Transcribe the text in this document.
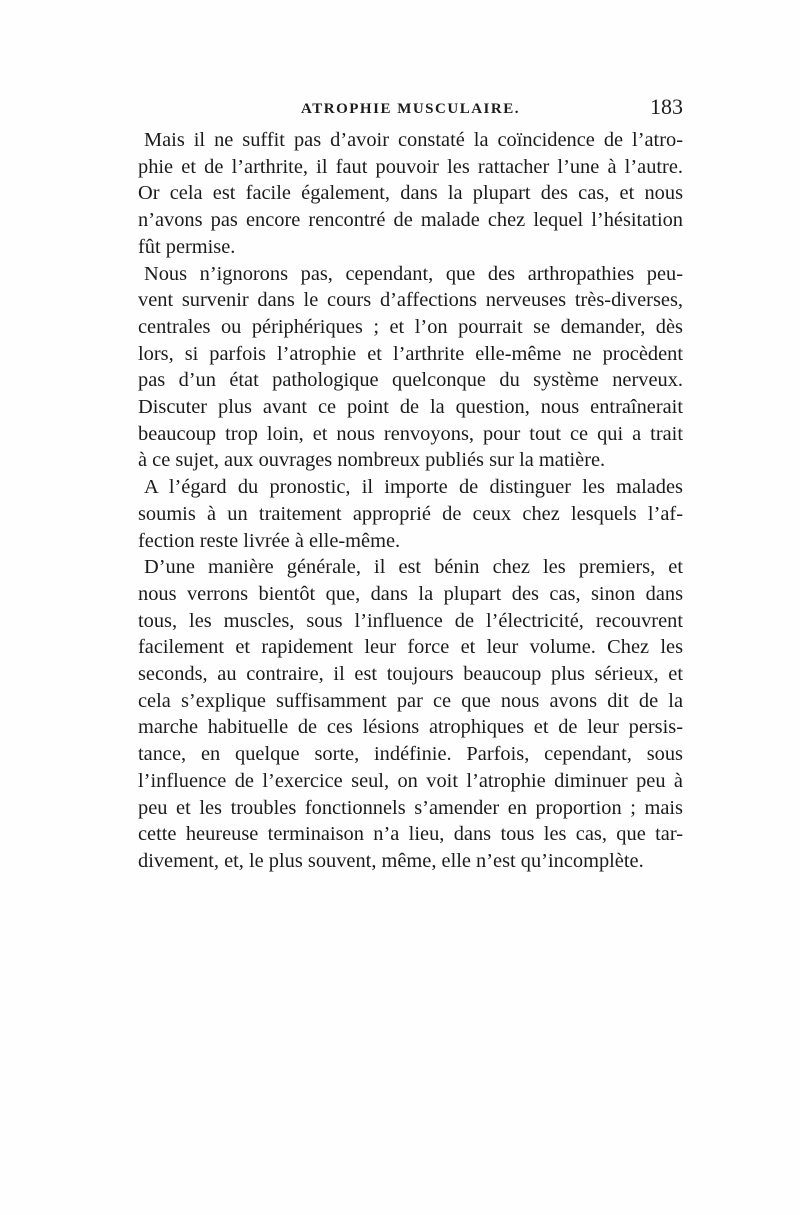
ATROPHIE MUSCULAIRE.	183

Mais il ne suffit pas d’avoir constaté la coïncidence de l’atro-
phie et de l’arthrite, il faut pouvoir les rattacher l’une à l’autre.
Or cela est facile également, dans la plupart des cas, et nous
n’avons pas encore rencontré de malade chez lequel l’hésitation
fût permise.

Nous n’ignorons pas, cependant, que des arthropathies peu-
vent survenir dans le cours d’affections nerveuses très-diverses,
centrales ou périphériques ; et l’on pourrait se demander, dès
lors, si parfois l’atrophie et l’arthrite elle-même ne procèdent
pas d’un état pathologique quelconque du système nerveux.
Discuter plus avant ce point de la question, nous entraînerait
beaucoup trop loin, et nous renvoyons, pour tout ce qui a trait
à ce sujet, aux ouvrages nombreux publiés sur la matière.

A l’égard du pronostic, il importe de distinguer les malades
soumis à un traitement approprié de ceux chez lesquels l’af-
fection reste livrée à elle-même.

D’une manière générale, il est bénin chez les premiers, et
nous verrons bientôt que, dans la plupart des cas, sinon dans
tous, les muscles, sous l’influence de l’électricité, recouvrent
facilement et rapidement leur force et leur volume. Chez les
seconds, au contraire, il est toujours beaucoup plus sérieux, et
cela s’explique suffisamment par ce que nous avons dit de la
marche habituelle de ces lésions atrophiques et de leur persis-
tance, en quelque sorte, indéfinie. Parfois, cependant, sous
l’influence de l’exercice seul, on voit l’atrophie diminuer peu à
peu et les troubles fonctionnels s’amender en proportion ; mais
cette heureuse terminaison n’a lieu, dans tous les cas, que tar-
divement, et, le plus souvent, même, elle n’est qu’incomplète.
